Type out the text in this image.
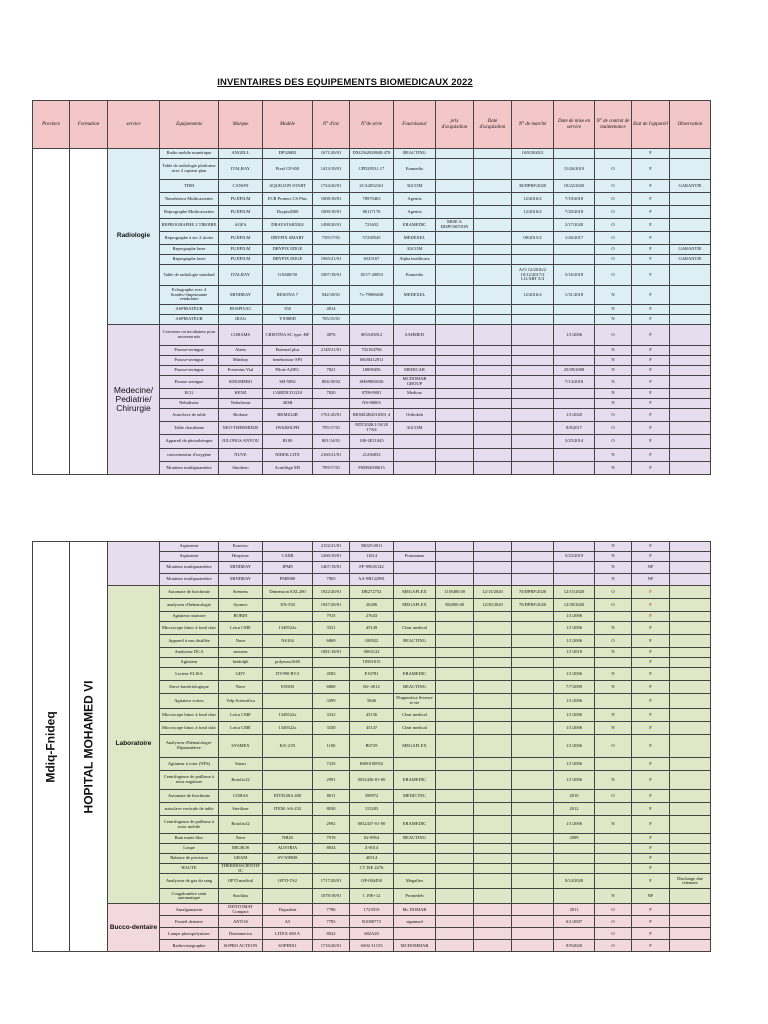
INVENTAIRES DES EQUIPEMENTS BIOMEDICAUX 2022
Province	Formation	service	Equipements	Marque	Modèle	N° d'inv	N°de série	Fournisseur	prix d'acquisition	Date d'acquisition	N° de marché	Date de mise en service	N° de contrat de maintenance	Etat de l'appareil	Observation
		Radiologie	Radio mobile numérique	ANGELL	DP326B2	1671/20/01	DXG562028048 470	REACTING			10/8/2020/2			F	
			Table de radiologie platforme avec 2 capteur plan	ITALRAY	Pixel CP 650	1413/19/01	CPD29531.17	Eramedix				11/26/2019	O	F	
			TDM	CANON	AQUILION START	1724/20/01	2CA2052161	3GCOM			38/DPRF/2020	10/22/2020	O	F	GARANTIE
			Numériseur Multicassettes	FUJIFILM	FCR Pronect CS Plus	1008/18/01	78970463	Agentis			12/2016/2	7/19/2018	O	F	
			Reprographe Multicassettes	FUJIFILM	Drypix4000	1009/18/01	86117176	Agentis			12/2016/2	7/20/2018	O	F	
			REPROGRAPHE 2 TIROIRE	AGFA	DRAYSTAR5302	1498/20/01	721652	ERAMEDIC	MISE A DISPOSITION			2/17/2020	O	F	
			Reprographe à sec 2 tiroirs	FUJIFILM	DRYPIX SMART	739/17/01	57238545	MEDEXEL			08/2015/2	1/26/2017	O	F	
			Reprographe laser	FUJIFILM	DRYPIX EDGE			3GCOM					O	F	GARANTIE
			Reprographe laser	FUJIFILM	DRYPIX EDGE	1965/21/01	6525167	Alpha healthcare					O	F	GARANTIE
			Table de radiologie standard	ITALRAY	GX600/50	1007/18/01	18/17-20853	Eramedix			A/O 12/2016/2 10/12/2017/2 LG/ART 5/4	5/16/2018	O	F	
			Echographe avec 4 Sondes+Imprimante vendulaire	MINDRAY	RESONA 7	942/18/01	7c-79006638	MEDEXEL			12/2016/2	1/31/2018	N	F	
			ASPIRATEUR	HOSPIVAC	350	4814							N	F	
			ASPIRATEUR	JIIAG	YX980D	705/15/01							N	F	
		Medecine/ Pediatrie/ Chirurgie	Couveuse ou incubateur pour nouveau nés	COBAMS	CRISTINA SC type :BF	4876	003A05812	SAHMED				1/1/2006	O	F	
			Pousse-seringue	Alaris	Enternal plus	2148/21/01	702184706						N	F	
			Pousse-seringue	Mindray	beneheaiaw SP3		SK00412811						N	F	
			Pousse-seringue	Fresenius Vial	Pilote A2IEC	7821	18008456	MEDICAR				25/09/2008	N	F	
			Pousse seringue	SINOMERO	SH-5092	804/18/02	SHS9800536	MCDOMAR GROUP				7/14/2018	N	F	
			ECG	KENZ	CARDICO1210	7820	0708-0801	Medicar					N	F	
			Nebuliseur	Nebuliseur	403B		NS-00003						N	F	
			Autoclave de table	Biobase	BKMZ24B	1761/20/01	BKMZ2B2016501 4	Orthoksb				1/1/2020	O	F	
			Table chauffante	NEO-THERMID20	IW6200LPH	795/17/01	NDT202K1/10/20 17/04	3GCOM				8/8/2017	O	F	
			Appareil de photothérapie	JULONGS ANYOU	B100	801/14/01	100-2E11043					3/25/2014	O	F	
			concentrateur d'oxygène	NUVE	NIDEK LITE	2160/21/01	21236833						N	F	
			Moniteur multiparamètre	Sinohero	AcuitSign M5	799/17/01	PSEB4500615						N	F	
Mdiq-Fnideq	HOPITAL MOHAMED VI		Aspirateur	Euroswc		2152/21/01	58025-0011						N	F	
			Aspirateur	Hospivac	CAMI	1260/19/01	11614	Promamaz				5/23/2019	N	F	
			Moniteur multiparamètre	MINDRAY	IPM8	1467/19/01	FF-99045142						N	NF	
			Moniteur multiparamètre	MINDRAY	PM8000	7965	AA-9B122981						N	NF	
		Laboratoire	Automate de biochimie	Siemens	Dimension EXL200	1922/20/01	DR272752	MEGAFLEX	1118400.00	12/15/2020	70/DPRF/2020	12/15/2020	O	F	
			analyseur d'hématologie	Sysmex	XN-550	1947/20/01	20286	MEGAFLEX	582000.00	12/30/2020	70/DPRF/2020	12/30/2020	O	F	
			Agitateur rotatoire	ROBIN		7915	27643					1/1/2006		F	
			Microscope binoc à fond clair	Leica CME	1349522x	3331	45149	Cleat medical				1/1/2006	N	F	
			Appareil à eau distillée	Nuve	NS104	6869	100922	REACTING				1/1/2006	O	F	
			Analyseur DCA	siemens		1081/18/01	S063122					1/1/2018	N	F	
			Agitateur	heidolph	polymax1040		10501015							F	
			Lecteur ELISA	GDV	DV990 BV4	4583	E16781	ERAMEDIC				1/1/2006	N	F	
			Etuve bactériologique	Nuve	EN500	6868	06--2012	REACTING				7/7/2009	N	F	
			Agitateur vortex	Velp Scientifica		3399	5846	Diagnostica Science et vie				1/1/2006		F	
			Microscope binoc à fond clair	Leica CME	1349522x	3332	45136	Cleat medical				1/1/2006	N	F	
			Microscope binoc à fond clair	Leica CME	1349522x	3330	45147	Cleat medical				1/1/2006	N	F	
			Analyseur d'hématologie-18paramètres-	SYSMEX	KX-21N	1100	B0729	MEGAFLEX				1/1/2006	O	F	
			Agitateur à rotor (NFS)	Stuart		7235	R000100952					1/1/2006		F	
			Centrifugeuse de paillasse à rotor angulaire	Rotofix32		2991	0032436-01-00	ERAMEDIC				1/1/2006	N	F	
			Automate de biochimie	COBAS	INTEGRA 400	8011	399972	MEDICTEC				2010	O	F	
			autoclave verticale de table	Sterilizer	ITEM: SA-232	8030	115283					2012		F	
			Centrifugeuse de paillasse à rotor mobile	Rotofix32		2992	0032437-01-00	ERAMEDIC				1/1/2006	N	F	
			Bain marie bloc	Nuve	NB20	7919	02-0964	REACTING				2009		F	
			Loupe	MICROS	AUSTRIA	8034	Z-0014							F	
			Balance de precision	GRAM	SV-500MS		40514							F	
			HAUTE	THERMOSCIENTIF IC			CT ISE 2276							F	
			Analyseur de gaz du sang	OPTI medical	OPTI-TS2	1717/20/01	OP-004450	Megaflex				9/14/2020		F	Discharge due telemaie
			Coagulomètre semi automatique	Stachlax		1078/18/01	1.19E+12	Promedeb					N	NF	
		Bucco-dentaire	Amalgamateur	DENTOMAT Compact	Dopadent	7786	1723919	Mc DOMAR				2011	O	F	
			Fauteil dentaire	ANTOS	A5	7783	R1000773	sigmmed				6/1/2007	O	F	
			Lampe photopolymiser	Dentamerica	LITEX 680 A	8022	682A20						O	F	
			Radiovisiographie	SOPRO ACTEON	SOPHIX1	1716/20/01	SS02-11153	MCDOMMAR				9/9/2020	O	F	
